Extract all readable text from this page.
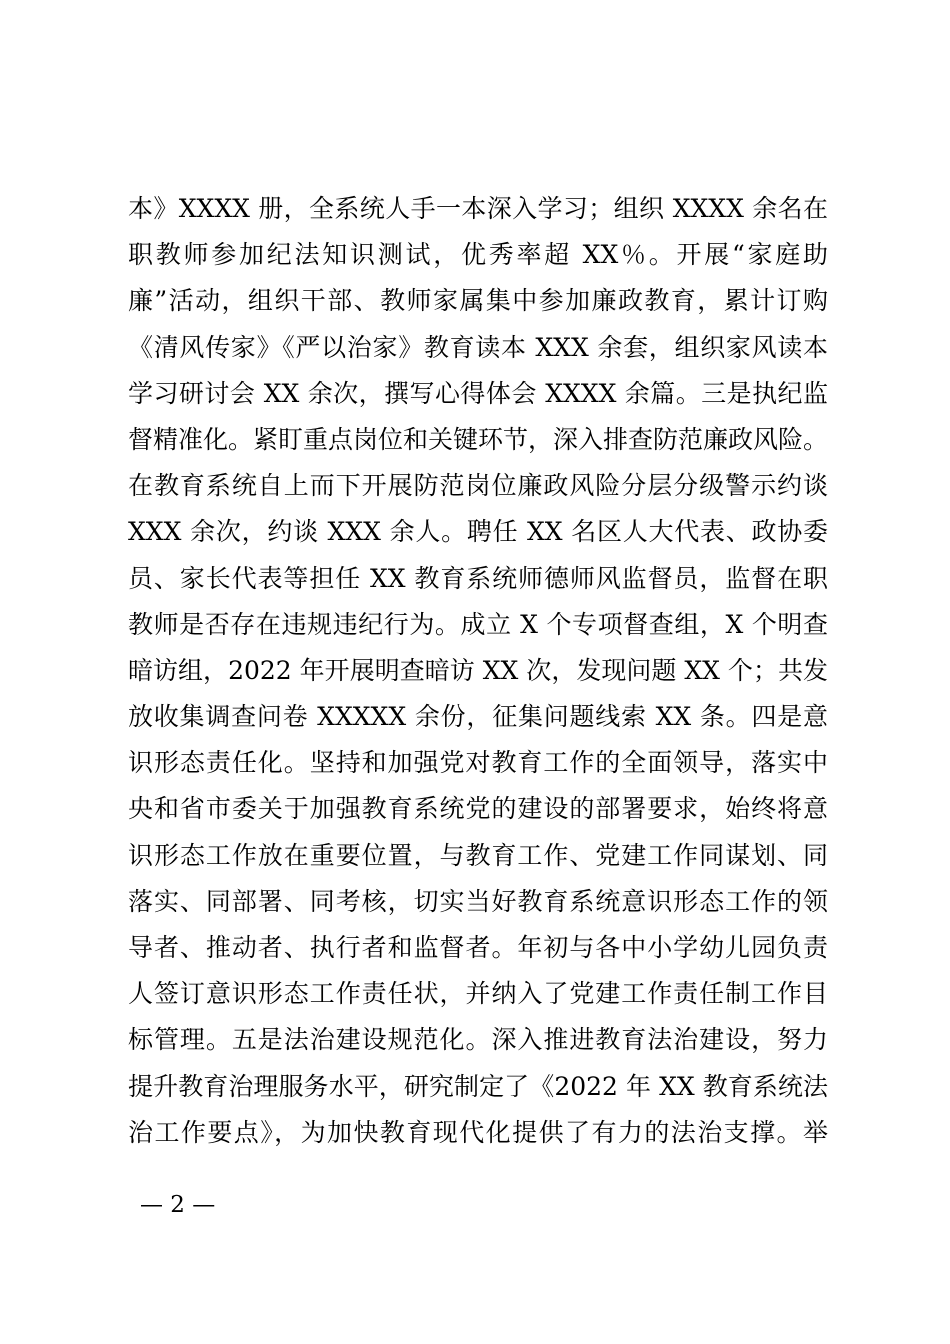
本》XXXX 册，全系统人手一本深入学习；组织 XXXX 余名在
职教师参加纪法知识测试，优秀率超 XX％。开展“家庭助
廉”活动，组织干部、教师家属集中参加廉政教育，累计订购
《清风传家》《严以治家》教育读本 XXX 余套，组织家风读本
学习研讨会 XX 余次，撰写心得体会 XXXX 余篇。三是执纪监
督精准化。紧盯重点岗位和关键环节，深入排查防范廉政风险。
在教育系统自上而下开展防范岗位廉政风险分层分级警示约谈
XXX 余次，约谈 XXX 余人。聘任 XX 名区人大代表、政协委
员、家长代表等担任 XX 教育系统师德师风监督员，监督在职
教师是否存在违规违纪行为。成立 X 个专项督查组，X 个明查
暗访组，2022 年开展明查暗访 XX 次，发现问题 XX 个；共发
放收集调查问卷 XXXXX 余份，征集问题线索 XX 条。四是意
识形态责任化。坚持和加强党对教育工作的全面领导，落实中
央和省市委关于加强教育系统党的建设的部署要求，始终将意
识形态工作放在重要位置，与教育工作、党建工作同谋划、同
落实、同部署、同考核，切实当好教育系统意识形态工作的领
导者、推动者、执行者和监督者。年初与各中小学幼儿园负责
人签订意识形态工作责任状，并纳入了党建工作责任制工作目
标管理。五是法治建设规范化。深入推进教育法治建设，努力
提升教育治理服务水平，研究制定了《2022 年 XX 教育系统法
治工作要点》，为加快教育现代化提供了有力的法治支撑。举
— 2 —
